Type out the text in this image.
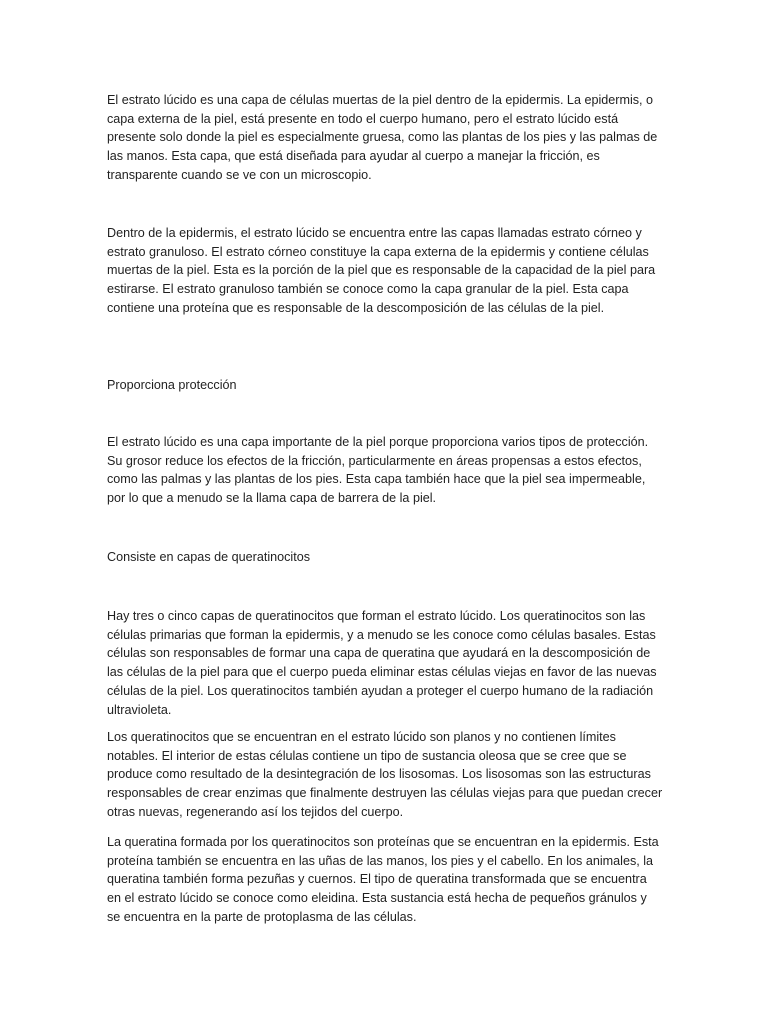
El estrato lúcido es una capa de células muertas de la piel dentro de la epidermis. La epidermis, o capa externa de la piel, está presente en todo el cuerpo humano, pero el estrato lúcido está presente solo donde la piel es especialmente gruesa, como las plantas de los pies y las palmas de las manos. Esta capa, que está diseñada para ayudar al cuerpo a manejar la fricción, es transparente cuando se ve con un microscopio.

Dentro de la epidermis, el estrato lúcido se encuentra entre las capas llamadas estrato córneo y estrato granuloso. El estrato córneo constituye la capa externa de la epidermis y contiene células muertas de la piel. Esta es la porción de la piel que es responsable de la capacidad de la piel para estirarse. El estrato granuloso también se conoce como la capa granular de la piel. Esta capa contiene una proteína que es responsable de la descomposición de las células de la piel.

Proporciona protección

El estrato lúcido es una capa importante de la piel porque proporciona varios tipos de protección. Su grosor reduce los efectos de la fricción, particularmente en áreas propensas a estos efectos, como las palmas y las plantas de los pies. Esta capa también hace que la piel sea impermeable, por lo que a menudo se la llama capa de barrera de la piel.

Consiste en capas de queratinocitos

Hay tres o cinco capas de queratinocitos que forman el estrato lúcido. Los queratinocitos son las células primarias que forman la epidermis, y a menudo se les conoce como células basales. Estas células son responsables de formar una capa de queratina que ayudará en la descomposición de las células de la piel para que el cuerpo pueda eliminar estas células viejas en favor de las nuevas células de la piel. Los queratinocitos también ayudan a proteger el cuerpo humano de la radiación ultravioleta.

Los queratinocitos que se encuentran en el estrato lúcido son planos y no contienen límites notables. El interior de estas células contiene un tipo de sustancia oleosa que se cree que se produce como resultado de la desintegración de los lisosomas. Los lisosomas son las estructuras responsables de crear enzimas que finalmente destruyen las células viejas para que puedan crecer otras nuevas, regenerando así los tejidos del cuerpo.

La queratina formada por los queratinocitos son proteínas que se encuentran en la epidermis. Esta proteína también se encuentra en las uñas de las manos, los pies y el cabello. En los animales, la queratina también forma pezuñas y cuernos. El tipo de queratina transformada que se encuentra en el estrato lúcido se conoce como eleidina. Esta sustancia está hecha de pequeños gránulos y se encuentra en la parte de protoplasma de las células.
